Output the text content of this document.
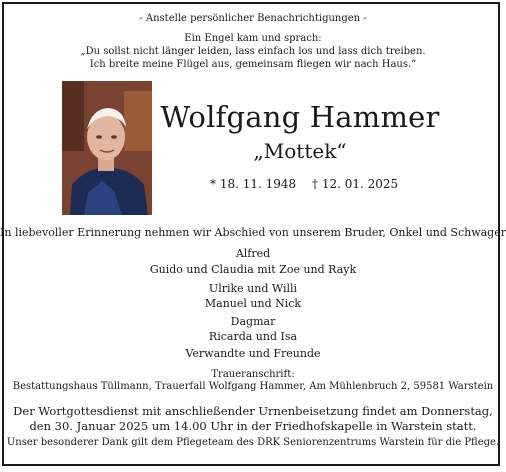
- Anstelle persönlicher Benachrichtigungen -
Ein Engel kam und sprach:
„Du sollst nicht länger leiden, lass einfach los und lass dich treiben.
Ich breite meine Flügel aus, gemeinsam fliegen wir nach Haus.“
Wolfgang Hammer
„Mottek“
* 18. 11. 1948 † 12. 01. 2025
In liebevoller Erinnerung nehmen wir Abschied von unserem Bruder, Onkel und Schwager
Alfred
Guido und Claudia mit Zoe und Rayk
Ulrike und Willi
Manuel und Nick
Dagmar
Ricarda und Isa
Verwandte und Freunde
Traueranschrift:
Bestattungshaus Tüllmann, Trauerfall Wolfgang Hammer, Am Mühlenbruch 2, 59581 Warstein
Der Wortgottesdienst mit anschließender Urnenbeisetzung findet am Donnerstag,
den 30. Januar 2025 um 14.00 Uhr in der Friedhofskapelle in Warstein statt.
Unser besonderer Dank gilt dem Pflegeteam des DRK Seniorenzentrums Warstein für die Pflege.
